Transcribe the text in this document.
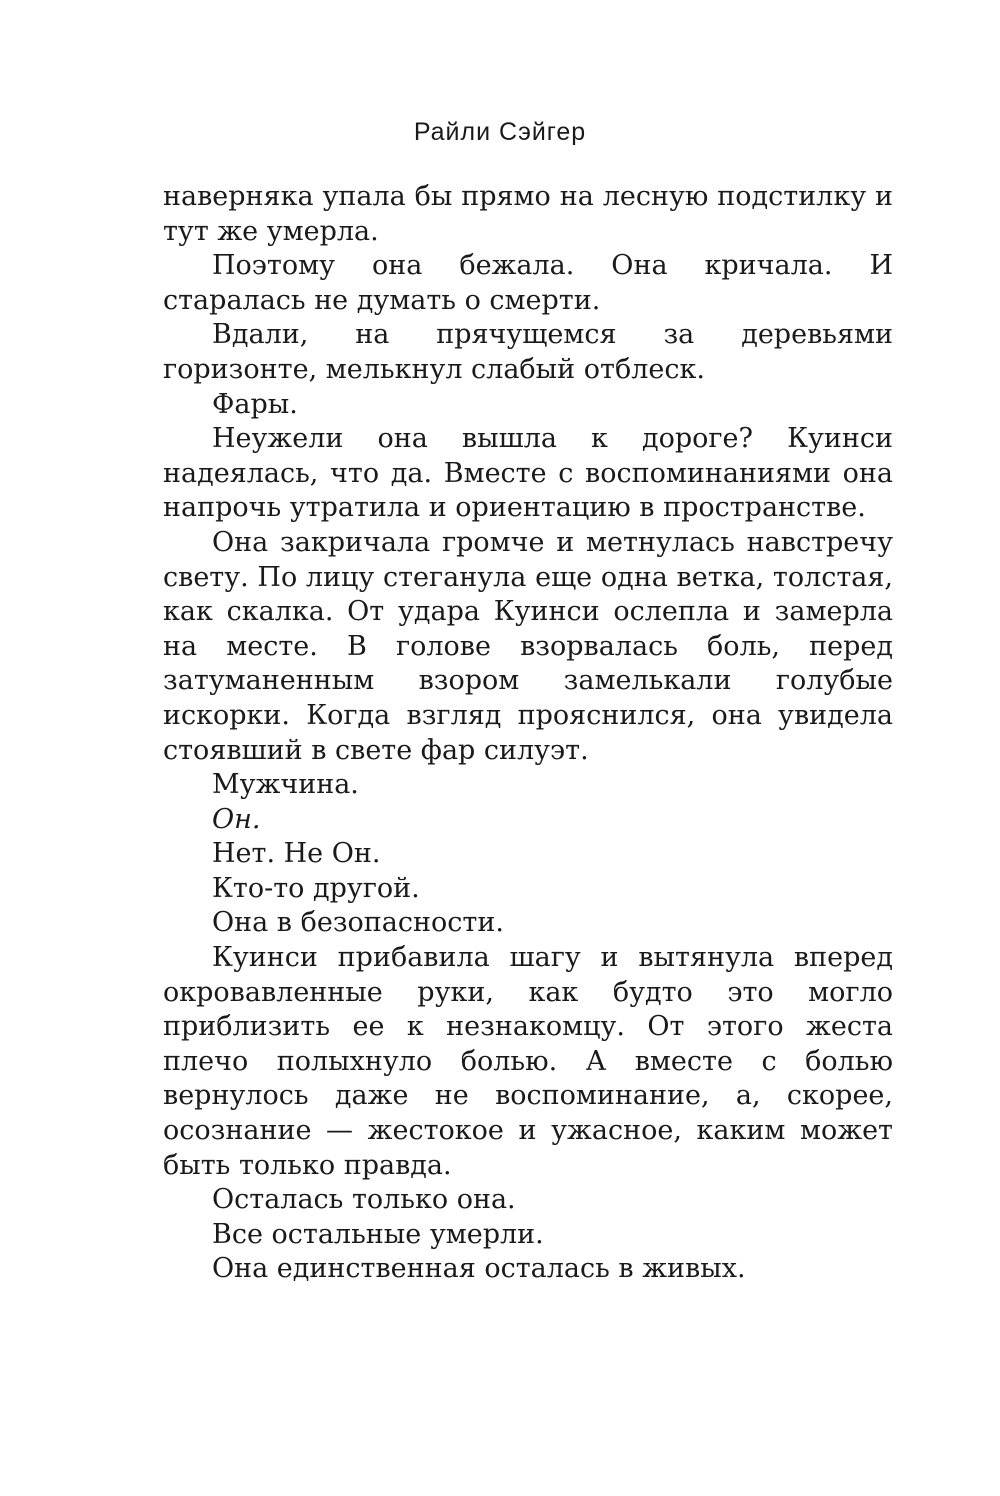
Райли Сэйгер

наверняка упала бы прямо на лесную подстилку и тут же умерла.

Поэтому она бежала. Она кричала. И старалась не думать о смерти.

Вдали, на прячущемся за деревьями горизонте, мелькнул слабый отблеск.

Фары.

Неужели она вышла к дороге? Куинси надеялась, что да. Вместе с воспоминаниями она напрочь утратила и ориентацию в пространстве.

Она закричала громче и метнулась навстречу свету. По лицу стеганула еще одна ветка, толстая, как скалка. От удара Куинси ослепла и замерла на месте. В голове взорвалась боль, перед затуманенным взором замелькали голубые искорки. Когда взгляд прояснился, она увидела стоявший в свете фар силуэт.

Мужчина.

Он.

Нет. Не Он.

Кто-то другой.

Она в безопасности.

Куинси прибавила шагу и вытянула вперед окровавленные руки, как будто это могло приблизить ее к незнакомцу. От этого жеста плечо полыхнуло болью. А вместе с болью вернулось даже не воспоминание, а, скорее, осознание — жестокое и ужасное, каким может быть только правда.

Осталась только она.

Все остальные умерли.

Она единственная осталась в живых.
